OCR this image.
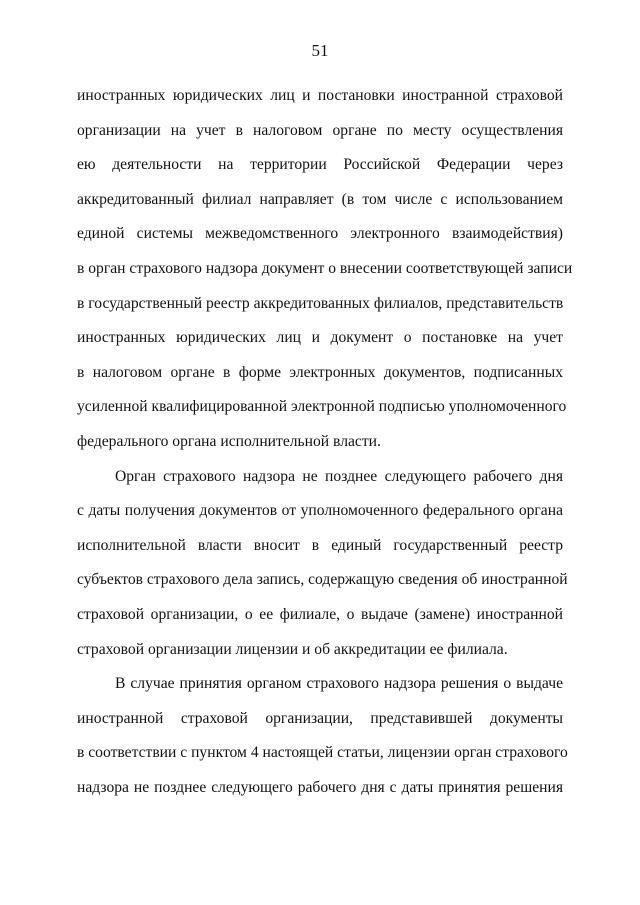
51
иностранных юридических лиц и постановки иностранной страховой
организации на учет в налоговом органе по месту осуществления
ею деятельности на территории Российской Федерации через
аккредитованный филиал направляет (в том числе с использованием
единой системы межведомственного электронного взаимодействия)
в орган страхового надзора документ о внесении соответствующей записи
в государственный реестр аккредитованных филиалов, представительств
иностранных юридических лиц и документ о постановке на учет
в налоговом органе в форме электронных документов, подписанных
усиленной квалифицированной электронной подписью уполномоченного
федерального органа исполнительной власти.
Орган страхового надзора не позднее следующего рабочего дня
с даты получения документов от уполномоченного федерального органа
исполнительной власти вносит в единый государственный реестр
субъектов страхового дела запись, содержащую сведения об иностранной
страховой организации, о ее филиале, о выдаче (замене) иностранной
страховой организации лицензии и об аккредитации ее филиала.
В случае принятия органом страхового надзора решения о выдаче
иностранной страховой организации, представившей документы
в соответствии с пунктом 4 настоящей статьи, лицензии орган страхового
надзора не позднее следующего рабочего дня с даты принятия решения
